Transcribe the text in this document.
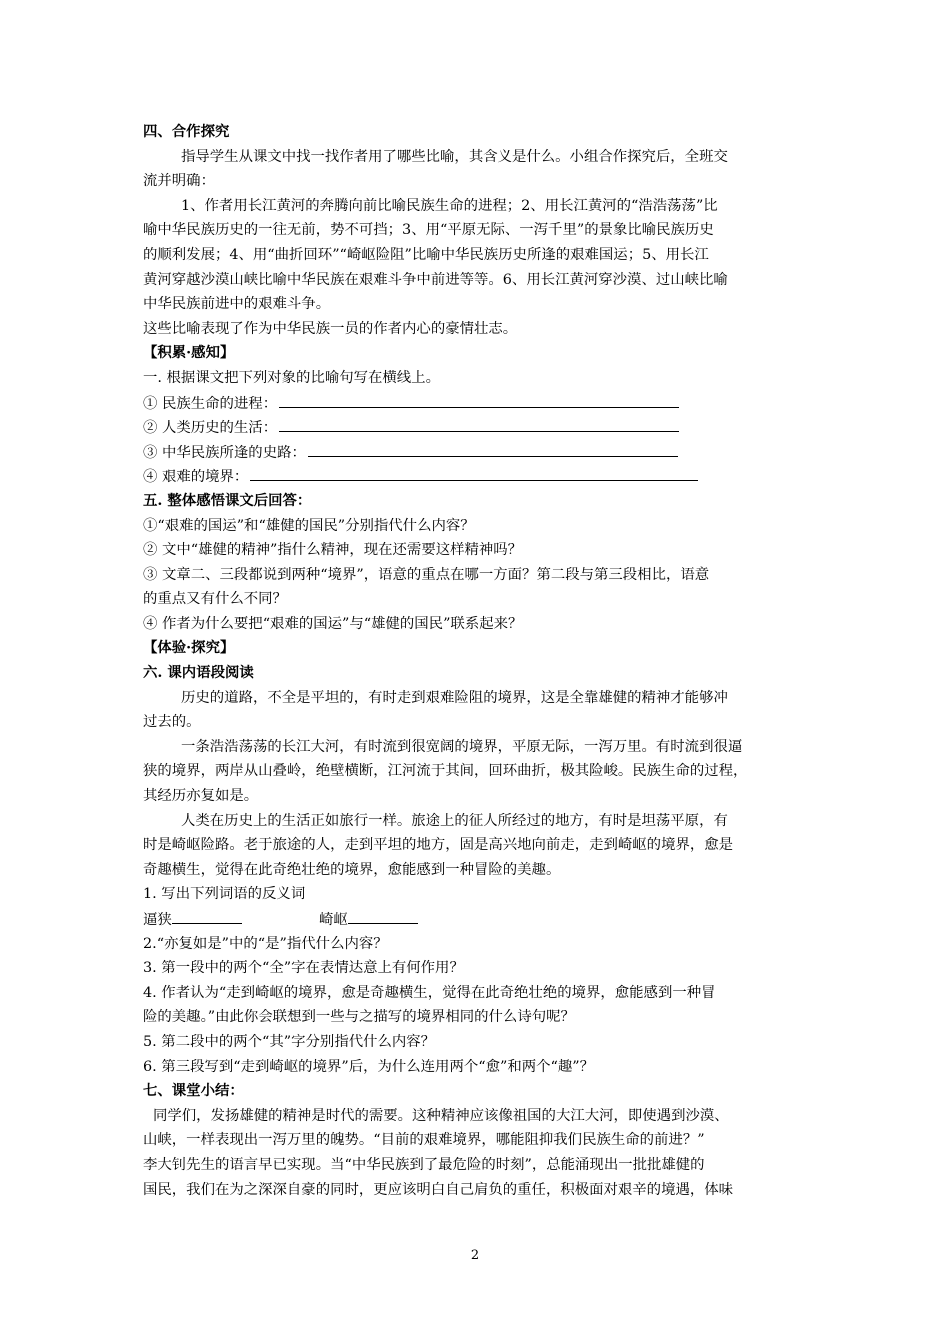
四、合作探究
指导学生从课文中找一找作者用了哪些比喻，其含义是什么。小组合作探究后，全班交
流并明确：
1、作者用长江黄河的奔腾向前比喻民族生命的进程；2、用长江黄河的“浩浩荡荡”比
喻中华民族历史的一往无前，势不可挡；3、用“平原无际、一泻千里”的景象比喻民族历史
的顺利发展；4、用“曲折回环”“崎岖险阻”比喻中华民族历史所逢的艰难国运；5、用长江
黄河穿越沙漠山峡比喻中华民族在艰难斗争中前进等等。6、用长江黄河穿沙漠、过山峡比喻
中华民族前进中的艰难斗争。
这些比喻表现了作为中华民族一员的作者内心的豪情壮志。
【积累·感知】
一. 根据课文把下列对象的比喻句写在横线上。
① 民族生命的进程：
② 人类历史的生活：
③ 中华民族所逢的史路：
④ 艰难的境界：
五. 整体感悟课文后回答：
①“艰难的国运”和“雄健的国民”分别指代什么内容？
② 文中“雄健的精神”指什么精神，现在还需要这样精神吗？
③ 文章二、三段都说到两种“境界”，语意的重点在哪一方面？第二段与第三段相比，语意
的重点又有什么不同？
④ 作者为什么要把“艰难的国运”与“雄健的国民”联系起来？
【体验·探究】
六. 课内语段阅读
历史的道路，不全是平坦的，有时走到艰难险阻的境界，这是全靠雄健的精神才能够冲
过去的。
一条浩浩荡荡的长江大河，有时流到很宽阔的境界，平原无际，一泻万里。有时流到很逼
狭的境界，两岸从山叠岭，绝壁横断，江河流于其间，回环曲折，极其险峻。民族生命的过程，
其经历亦复如是。
人类在历史上的生活正如旅行一样。旅途上的征人所经过的地方，有时是坦荡平原，有
时是崎岖险路。老于旅途的人，走到平坦的地方，固是高兴地向前走，走到崎岖的境界，愈是
奇趣横生，觉得在此奇绝壮绝的境界，愈能感到一种冒险的美趣。
1. 写出下列词语的反义词
逼狭	崎岖
2.“亦复如是”中的“是”指代什么内容？
3. 第一段中的两个“全”字在表情达意上有何作用？
4. 作者认为“走到崎岖的境界，愈是奇趣横生，觉得在此奇绝壮绝的境界，愈能感到一种冒
险的美趣。”由此你会联想到一些与之描写的境界相同的什么诗句呢？
5. 第二段中的两个“其”字分别指代什么内容？
6. 第三段写到“走到崎岖的境界”后，为什么连用两个“愈”和两个“趣”？
七、课堂小结：
同学们，发扬雄健的精神是时代的需要。这种精神应该像祖国的大江大河，即使遇到沙漠、
山峡，一样表现出一泻万里的魄势。“目前的艰难境界，哪能阻抑我们民族生命的前进？”
李大钊先生的语言早已实现。当“中华民族到了最危险的时刻”，总能涌现出一批批雄健的
国民，我们在为之深深自豪的同时，更应该明白自己肩负的重任，积极面对艰辛的境遇，体味
2
